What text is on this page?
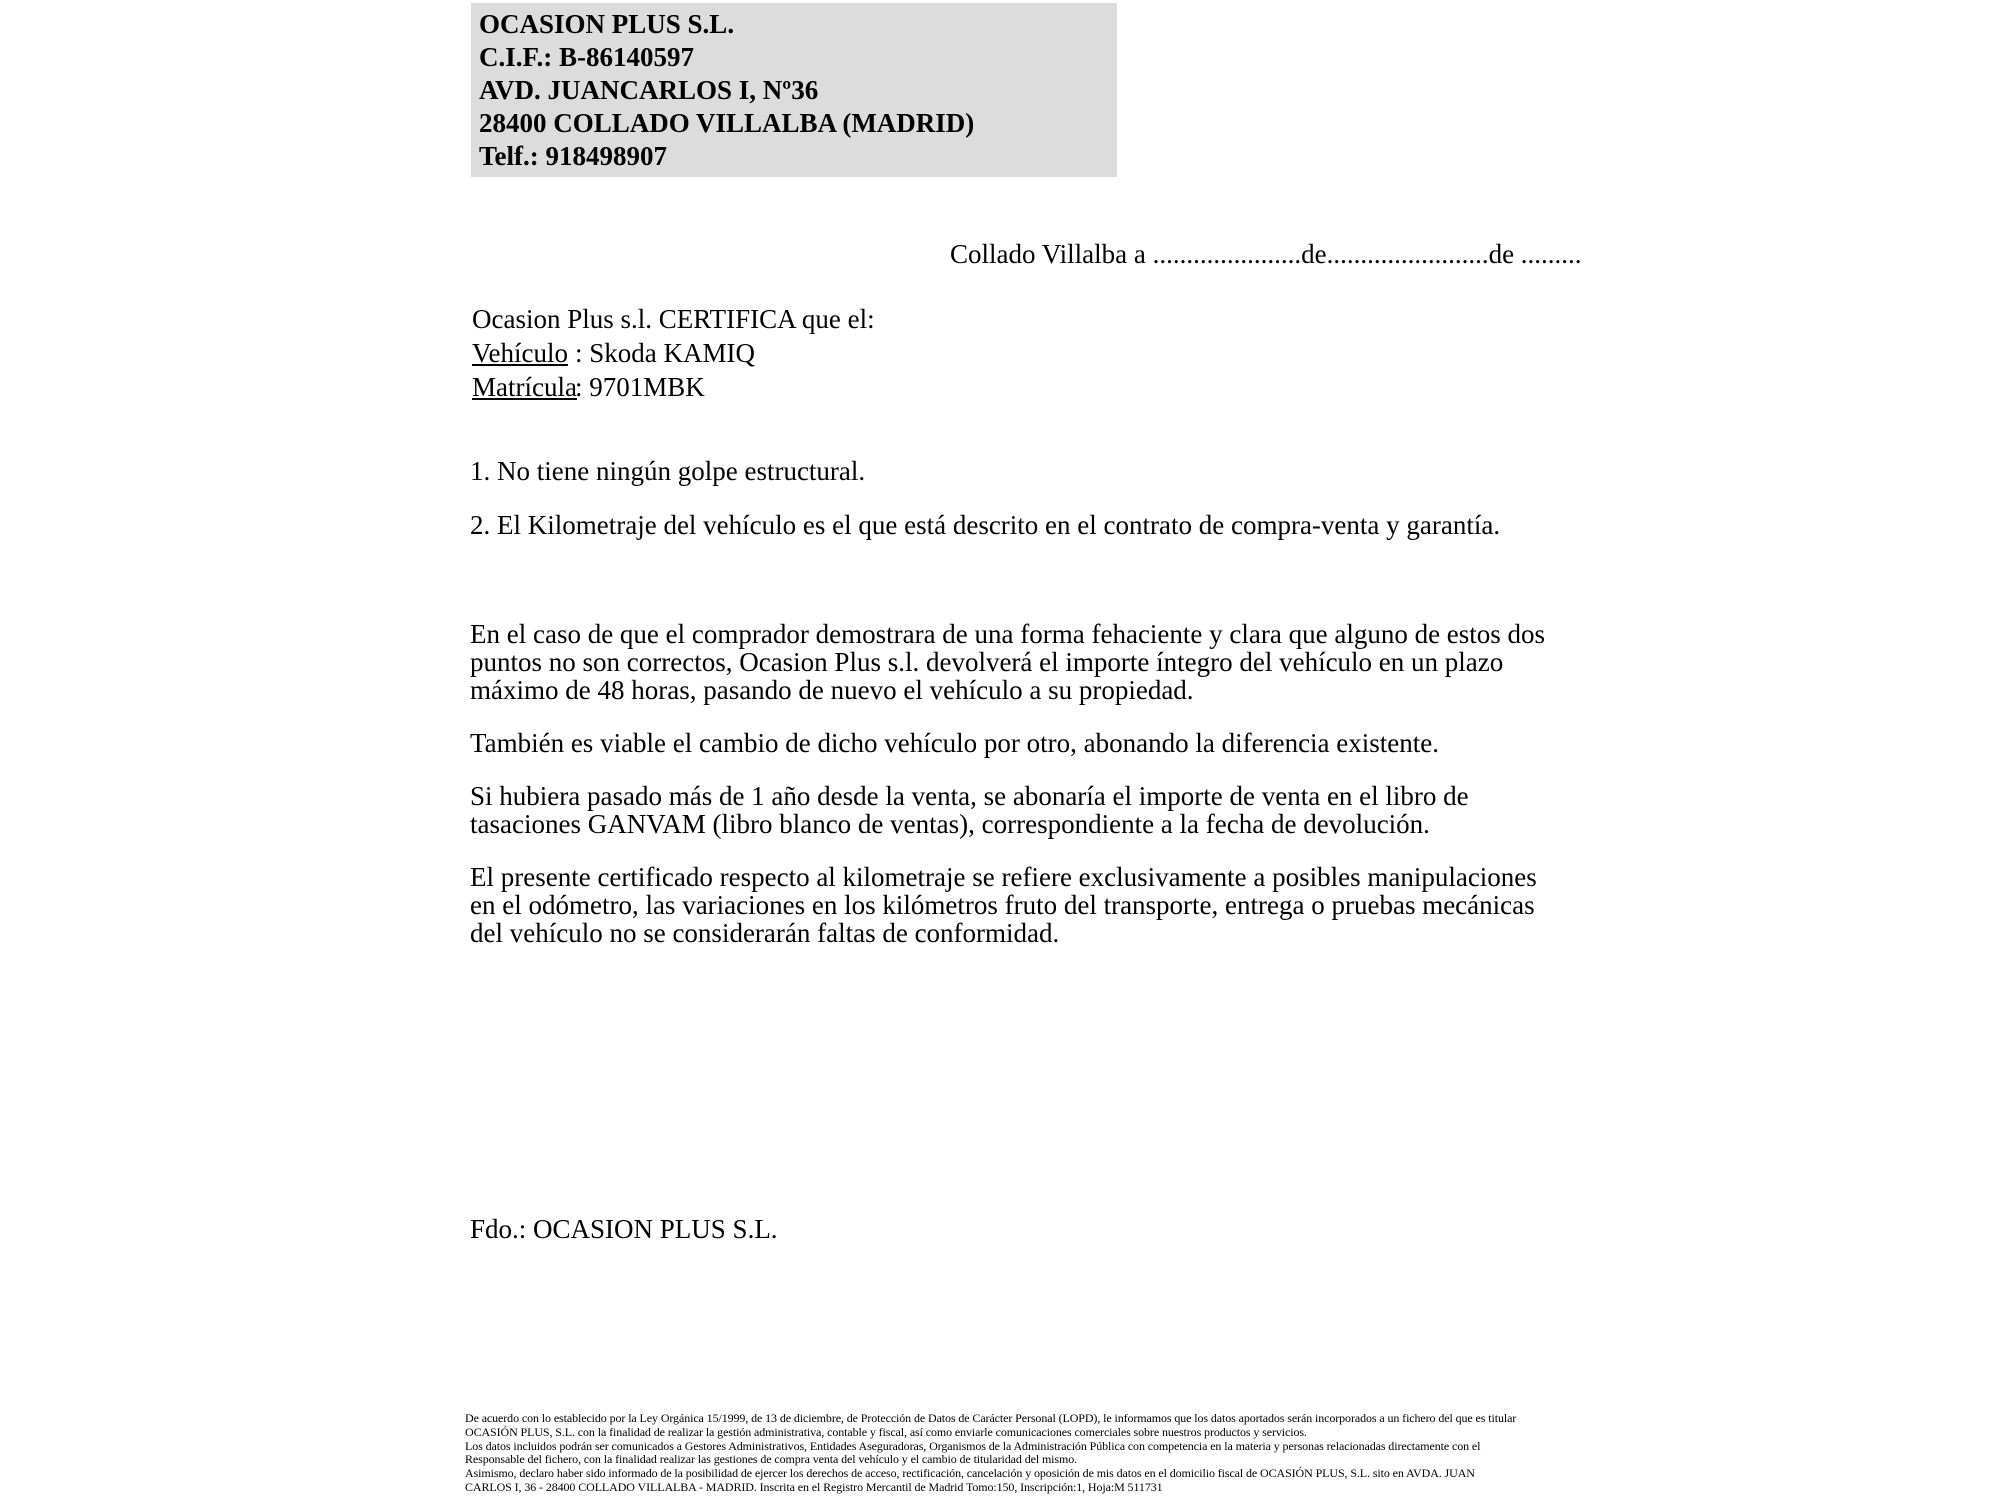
OCASION PLUS S.L.
C.I.F.: B-86140597
AVD. JUANCARLOS I, Nº36
28400 COLLADO VILLALBA (MADRID)
Telf.: 918498907
Collado Villalba a ......................de........................de .........
Ocasion Plus s.l. CERTIFICA que el:
Vehículo : Skoda KAMIQ
Matrícula: 9701MBK

1. No tiene ningún golpe estructural.

2. El Kilometraje del vehículo es el que está descrito en el contrato de compra-venta y garantía.

En el caso de que el comprador demostrara de una forma fehaciente y clara que alguno de estos dos puntos no son correctos, Ocasion Plus s.l. devolverá el importe íntegro del vehículo en un plazo máximo de 48 horas, pasando de nuevo el vehículo a su propiedad.

También es viable el cambio de dicho vehículo por otro, abonando la diferencia existente.

Si hubiera pasado más de 1 año desde la venta, se abonaría el importe de venta en el libro de tasaciones GANVAM (libro blanco de ventas), correspondiente a la fecha de devolución.

El presente certificado respecto al kilometraje se refiere exclusivamente a posibles manipulaciones en el odómetro, las variaciones en los kilómetros fruto del transporte, entrega o pruebas mecánicas del vehículo no se considerarán faltas de conformidad.

Fdo.: OCASION PLUS S.L.
De acuerdo con lo establecido por la Ley Orgánica 15/1999, de 13 de diciembre, de Protección de Datos de Carácter Personal (LOPD), le informamos que los datos aportados serán incorporados a un fichero del que es titular
OCASIÓN PLUS, S.L. con la finalidad de realizar la gestión administrativa, contable y fiscal, así como enviarle comunicaciones comerciales sobre nuestros productos y servicios.
Los datos incluidos podrán ser comunicados a Gestores Administrativos, Entidades Aseguradoras, Organismos de la Administración Pública con competencia en la materia y personas relacionadas directamente con el
Responsable del fichero, con la finalidad realizar las gestiones de compra venta del vehículo y el cambio de titularidad del mismo.
Asimismo, declaro haber sido informado de la posibilidad de ejercer los derechos de acceso, rectificación, cancelación y oposición de mis datos en el domicilio fiscal de OCASIÓN PLUS, S.L. sito en AVDA. JUAN
CARLOS I, 36 - 28400 COLLADO VILLALBA - MADRID. Inscrita en el Registro Mercantil de Madrid Tomo:150, Inscripción:1, Hoja:M 511731
